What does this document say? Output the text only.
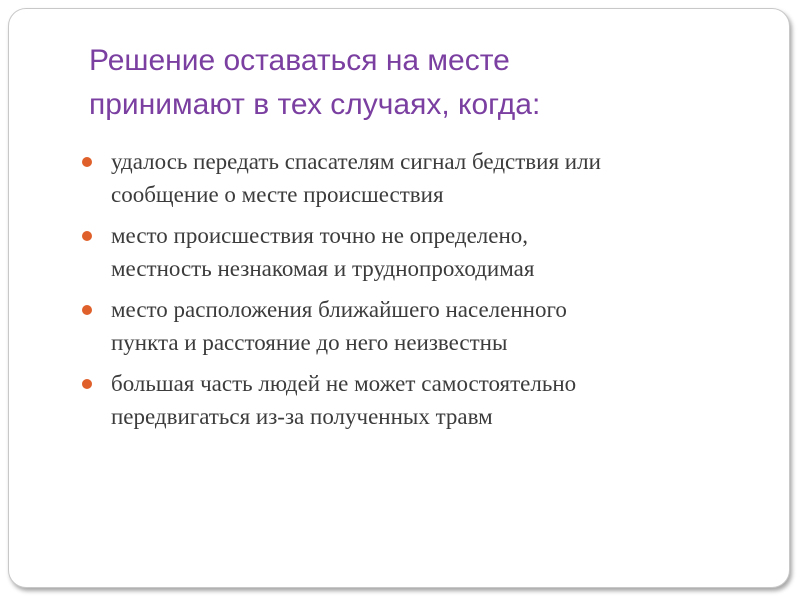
Решение оставаться на месте
принимают в тех случаях, когда:
удалось передать спасателям сигнал бедствия или
сообщение о месте происшествия
место происшествия точно не определено,
местность незнакомая и труднопроходимая
место расположения ближайшего населенного
пункта и расстояние до него неизвестны
большая часть людей не может самостоятельно
передвигаться из-за полученных травм
